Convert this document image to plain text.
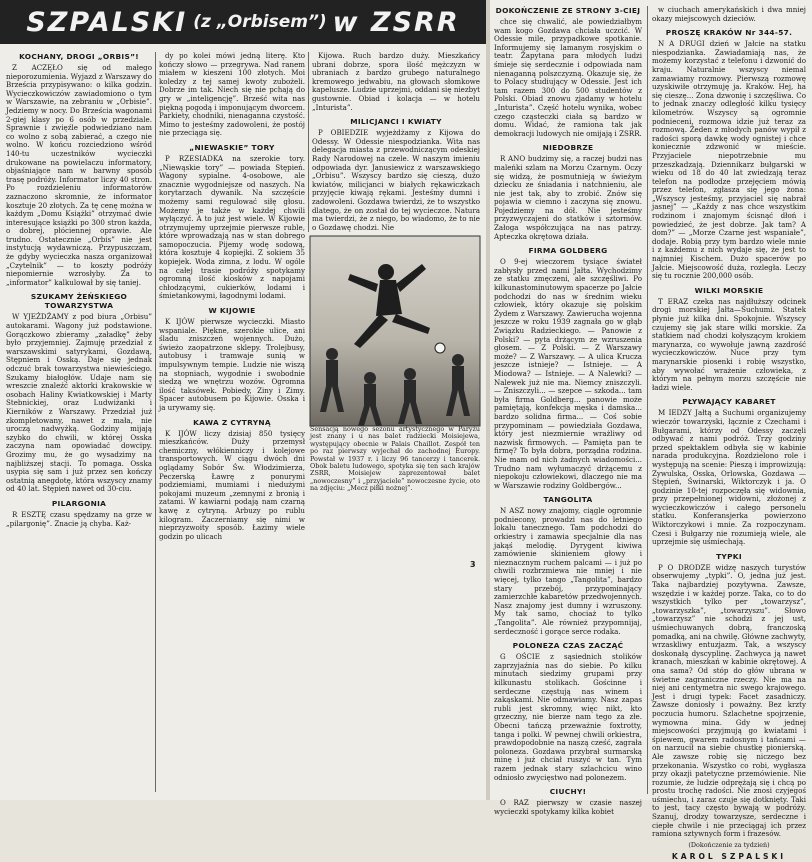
SZPALSKI (z „Orbisem”) w ZSRR
KOCHANY, DROGI „ORBIS”!

Z ACZĘŁO się od małego nieporozumienia. Wyjazd z Warszawy do Brześcia przypisywano: o kilka godzin. Wycieczkowiczów zawiadomiono o tym w Warszawie, na zebraniu w „Orbisie”. Jedziemy w nocy. Do Brześcia wagonami 2-giej klasy po 6 osób w przedziale. Sprawnie i zwięźle podwiedziano nam co wolno z sobą zabierać, a czego nie wolno. W końcu rozciedziono wśród 140-tu uczestników wycieczki drukowane na powielaczu informatory, objaśniające nam w barwny sposób trasę podróży. Informator liczy 40 stron. Po rozdzieleniu informatorów zaznaczono skromnie, że informator kosztuje 20 złotych. Za tę cenę można w każdym „Domu Książki” otrzymać dwie interesujące książki po 300 stron każda, o dobrej, płóciennej oprawie. Ale trudno. Ostatecznie „Orbis” nie jest instytucją wydawniczą. Przypuszczam, że gdyby wycieczka nasza organizował „Czytelnik” — to koszty podróży niepomiernie wzrosłyby. Za to „informator” kalkulował by się taniej.

SZUKAMY ŻEŃSKIEGO TOWARZYSTWA

W YJEŻDŻAMY z pod biura „Orbisu” autokarami. Wagony już podstawione. Gorączkowo zbieramy „załadkę” żeby było przyjemniej. Zajmuję przedział z warszawskimi satyrykami, Gozdawą, Stępniem i Osską. Daje się jednak odczuć brak towarzystwa niewieściego. Szukamy białogłów. Udaje nam się wreszcie znaleźć aktorki krakowskie w osobach Haliny Kwiatkowskiej i Marty Stebnickiej, oraz Ludwiżanki i Kierników z Warszawy. Przedział już zkompletowany, nawet z mała, nie uroczą nadwyżką. Godziny mijają szybko do chwili, w której Osska zaczyna nam opowiadać dowcipy. Grozimy mu, że go wysadzimy na najbliższej stacji. To pomaga. Osska usypia się sam i już przez sen kończy ostatnią anegdotę, która wszyscy znamy od 40 lat. Stępień nawet od 30-ciu.

PILARGONIA

R ESZTĘ czasu spędzamy na grze w „pilargonię”. Znacie ją chyba. Każ-

dy po kolei mówi jedną literę. Kto kończy słowo — przegrywa. Nad ranem miałem w kieszeni 100 złotych. Moi koledzy z tej samej kwoty zubożeli. Dobrze im tak. Niech się nie pchają do gry w „inteligencję”. Brześć wita nas piękną pogodą i imponującym dworcem. Parkiety, chodniki, nienaganna czystość. Mimo to jesteśmy zadowoleni, że postój nie przeciąga się.

„NIEWASKIE” TORY

P RZESIADKA na szerokie tory. „Niewąskie tory” — powiada Stępień. Wagony sypialne. 4-osobowe, ale znacznie wygodniejsze od naszych. Na korytarzach dywanik. Na szczęście możemy sami regulować siłę głosu. Możemy je także w każdej chwili wyłączyć. A to już jest wiele. W Kijowie otrzymujemy uprzejmie pierwsze ruble, które wprowadzają nas w stan dobrego samopoczucia. Pijemy wodę sodową, która kosztuje 4 kopiejki. Z sokiem 35 kopiejek. Woda zimna, z lodu. W ogóle na całej trasie podróży spotykamy ogromną ilość kiosków z napojami chłodzącymi, cukierków, lodami i śmietankowymi, łagodnymi lodami.

W KIJOWIE

K IJÓW pierwsze wycieczki. Miasto wspaniale. Piękne, szerokie ulice, ani śladu zniszczeń wojennych. Dużo, świeżo zaopatrzone sklepy. Trolejbusy, autobusy i tramwaje sunią w impulsywnym tempie. Ludzie nie wiszą na stopniach, wygodnie i swobodnie siedzą we wnętrzu wozów. Ogromna ilość taksówek. Pobiedy, Ziny i Zimy. Spacer autobusem po Kijowie. Osska i ja urywamy się.

KAWA Z CYTRYNĄ

K IJÓW liczy dzisiaj 850 tysięcy mieszkańców. Duży przemysł chemiczny, włókienniczy i kolejowe transportowych. W ciągu dwóch dni oglądamy Sobór Św. Włodzimierza, Peczerską Ławrę z ponurymi podziemiami, mumiami i niedużymi pokojami muzeum „zemnymi z bronią i zatami. W kawiarni podają nam czarną kawę z cytryną. Arbuzy po rublu kilogram. Zaczerniamy się nimi w nieprzyzwoity sposób. Łazimy wiele godzin po ulicach

Kijowa. Ruch bardzo duży. Mieszkańcy ubrani dobrze, spora ilość mężczyzn w ubraniach z bardzo grubego naturalnego kremowego jedwabiu, na głowach słomkowe kapelusze. Ludzie uprzejmi, oddani się niezbyt gustownie. Obiad i kolacja — w hotelu „Inturista”.

MILICJANCI I KWIATY

P OBIEDZIE wyjeżdżamy z Kijowa do Odessy. W Odessie niespodzianka. Wita nas delegacja miasta z przewodniczącym odeskiej Rady Narodowej na czele. W naszym imieniu odpowiada dyr. Janusiewicz z warszawskiego „Orbisu”. Wszyscy bardzo się cieszą, dużo kwiatów, milicjanci w białych rękawiczkach przyjęcie kiwają rękami. Jesteśmy dumni i zadowoleni. Gozdawa twierdzi, że to wszystko dlatego, że on został do tej wycieczce. Natura ma twierdzi, że z niego, bo wiadomo, że to nie o Gozdawę chodzi. Nie

Sensacją nowego sezonu artystycznego w Paryżu jest znany i u nas balet radziecki Moisiejewa, występujący obecnie w Palais Chaillot. Zespół ten po raz pierwszy wyjechał do zachodnej Europy. Powstał w 1937 r. i liczy 96 tancerzy i tancerek. Obok baletu ludowego, spotyka się ten sach krajów ZSRR, Moisiejew zaprezentował balet „nowoczesny” i „przyjaciele” nowoczesne życie, oto na zdjęciu: „Mecz piłki nożnej”.
3
DOKOŃCZENIE ZE STRONY 3-CIEJ

chce się chwalić, ale powiedziałbym wam kogo Gozdawa chciała uczcić. W Odessie mile, przypadkowe spotkanie. Informujemy się lamanym rosyjskim o teatr. Zapytana para młodych ludzi śmieje się serdecznie i odpowiada nam nienaganną polszczyzną. Okazuje się, że to Polacy studiujący w Odessie. Jest ich tam razem 300 do 500 studentów z Polski. Obiad znowu zjadamy w hotelu „Inturista”. Część hotelu wynika, wobec czego cząsteczki ciała są bardzo w domu. Widać, że ramiona tak jak demokracji ludowych nie omijają i ZSRR.

NIEDOBRZE

R ANO budzimy się, a raczej budzi nas maleńki szlam na Morzu Czarnym. Oczy się widzą, że posmutnieją w świeżym dziecku ze śniadania i natchnieniu, ale nie jest tak, aby to zrobić. Znów się pojawia w ciemno i zaczyna się znowu. Pojedziemy na dół. Nie jesteśmy przyzwyczajeni do statków i sztormów. Załoga współczująca na nas patrzy. Apteczka okrętowa działa.

FIRMA GOLDBERG

O 9-ej wieczorem tysiące świateł zabłysły przed nami Jałta. Wychodzimy ze statku zmęczeni, ale szczęśliwi. Po kilkunastominutowym spacerze po Jałcie podchodzi do nas w średnim wieku człowiek, który okazuje się polskim Żydem z Warszawy. Zawierucha wojenna jeszcze w roku 1939 zagnała go w głąb Związku Radzieckiego. — Panowie z Polski? — pyta drżącym ze wzruszenia głosem. — Z Polski. — Z Warszawy może? — Z Warszawy. — A ulica Krucza jeszcze istnieje? — Istnieje. — A Miodowa? — Istnieje. — A Nalewki? — Nalewek już nie ma. Niemcy zniszczyli. — Zniszczyli... — szepce — szkoda... tam była firma Goldberg... panowie może pamiętają, konfekcja męska i damska... bardzo solidna firma... — Coś sobie przypominam — powiedziała Gozdawa, który jest niezmiernie wrażliwy od nazwisk firmowych. — Pamięta pan te firmę? To była dobra, porządna rodzina. Nie mam od nich żadnych wiadomości... Trudno nam wyłumaczyć drżącemu z niepokoju człowiekowi, dlaczego nie ma w Warszawie rodziny Goldbergów...

TANGOLITA

N ASZ nowy znajomy, ciągle ogromnie podniecony, prowadzi nas do letniego lokalu tanecznego. Tam podchodzi do orkiestry i zamawia specjalnie dla nas jakąś melodię. Dyrygent kiwiwa zamówienie skinieniem głowy i nieznacznym ruchem palcami — i już po chwili rozbrzmiewa nie mniej i nie więcej, tylko tango „Tangolita”, bardzo stary przebój, przypominający zamierzchłe kabaretów przedwojennych. Nasz znajomy jest dumny i wzruszony. My tak samo, chociaż to tylko „Tangolita”. Ale również przypomnijaj, serdeczność i gorące serce rodaka.

POLONEZA CZAS ZACZĄĆ

G OŚCIE z sąsiednich stolików zaprzyjaźnia nas do siebie. Po kilku minutach siedzimy grupami przy kilkunastu stolikach. Gościnne i serdeczne częstują nas winem i zakąskami. Nie odmawiamy. Nasz zapas rubli jest skromny, więc nikt, kto grzeczny, nie bierze nam tego za złe. Obecni tańczą przeważnie foxtrotty, tanga i polki. W pewnej chwili orkiestra, prawdopodobnie na naszą cześć, zagrała poloneza. Gozdawa przybrał surmarską minę i już chciał ruszyć w tan. Tym razem jednak stary szlachcicu wino odniosło zwycięstwo nad polonezem.

CIUCHY!

O RAZ pierwszy w czasie naszej wycieczki spotykamy kilka kobiet

w ciuchach amerykańskich i dwa mniej okazy miejscowych dzieciów.

PROSZĘ KRAKÓW Nr 344-57.

N A DRUGI dzień w Jałcie na statku niespodzianka. Zawiadamiają nas, że możemy korzystać z telefonu i dzwonić do kraju. Naturalnie wszyscy niemal zamawiamy rozmowy. Pierwszą rozmowę uzyskiwiłe otrzymuję ja. Kraków. Hej, ha się cieszę... Zona dzwonię i szczęśliwa. Co to jednak znaczy odległość kilku tysięcy kilometrów. Wszyscy są ogromnie podnieceni, rozmowa idzie już teraz za rozmową. Żeden z młodych panów wypił z radości sporą dawkę wody ognistej i chce koniecznie zdzwonić w mieście. Przyjaciele niepotrzebnie mu przeszkadzają. Dziennikarz bułgarski w wieku od 18 do 40 lat zwiedzają teraz telefon na podłodze przejęciem mówią przez telefon, zgłasza się jego żona: „Wszyscy jesteśmy, przyjaciel się nabrał jasnej” — „Każdy z nas chce wszystkim rodzinom i znajomym ścisnąć dłoń i powiedzieć, że jest dobrze. Jak tam? A dom?” — „Morze Czarne jest wspaniałe”, dodaje. Robią przy tym bardzo wiele mnie i z każdemu z nich wydaje się, że jest to najmniej Kischem. Dużo spacerów po Jałcie. Miejscowość duża, rozległa. Leczy się tu rocznie 200,000 osób.

WILKI MORSKIE

T ERAZ czeka nas najdłuższy odcinek drogi morskiej Jałta—Suchumi. Statek płynie już kilka dni. Spokojnie. Wszyscy czujemy się jak stare wilki morskie. Za statkiem nad chodzi kołyszącym krokiem marynarza, co wywołuje jawną zazdrość wycieczkowiczów. Nuce przy tym marynarskie piosenki i robię wszystko, aby wywołać wrażenie człowieka, z którym na pełnym morzu szczęście nie ładzi wiele.

PŁYWAJĄCY KABARET

M IEDZY Jałtą a Suchumi organizujemy wieczór towarzyski, łącznie z Czechami i Bułgarami, którzy od Odessy zaczęli odbywać z nami podróż. Trzy godziny przed spektaklem odbyła się w kabinie narada produkcyjna. Rozdzielono role i występują na scenie: Pieszą i improwizują: Zywulska, Osska, Orlowska, Gozdawa — Stępień, Świnarski, Wiktorczyk i ja. O godzinie 10-tej rozpoczęła się widownia, przy przepełnionej widowni, złożonej z wycieczkowiczów i całego personelu statku. Konferansjerka powierzono Wiktorczykowi i mnie. Za rozpoczynam. Czesi i Bułgarzy nie rozumieją wiele, ale uprzejmie się uśmiechają.

TYPKI

P O DRODZE widzę naszych turystów obserwujemy „typki”. O, jedna już jest. Taka najbardziej pozytywna. Zawsze, wszędzie i w każdej porze. Taka, co to do wszystkich tylko per „towarzysz”, „towarzyszka”, „towarzyszu”. Słowo „towarzysz” nie schodzi z jej ust, uśmiechuwanych dobrą, franczoską pomadką, ani na chwilę. Główne zachwyty, wrzaskliwy entuzjazm. Tak, a wszyscy doskonałą dyscyplinę. Zachwyca ją nawet kranach, mieszkań w kabinie okrętowej. A ona sama? Od stóp do głów ubrana w świetne zagraniczne rzeczy. Nie ma na niej ani centymetra nic swego krajowego. Jest i drugi typek: Facet zasadniczy. Zawsze doniosły i poważny. Bez krzty poczucia humoru. Szlachetne spojrzenie, wymowna mina. Gdy w jednej miejscowości przyjmują go kwiatami i śpiewem, gwarem radosnym i tańcami — on narzucił na siebie chustkę pionierską. Ale zawsze robię się niczego bez przekonania. Wszystko co robi, wygłasza przy okazji patetyczne przemówienie. Nie rozumie, że ludzie odprężają się i chcą po prostu trochę radości. Nie znosi czyjegoś uśmiechu, i zaraz czuje się dotknięty. Taki to jest, tacy często bywają w podróży. Szanuj, drodzy towarzysze, serdeczne i ciepłe chwile i nie przeciągaj ich przez ramiona sztywnych form i frazesów.

(Dokończenie za tydzień)
KAROL SZPALSKI
